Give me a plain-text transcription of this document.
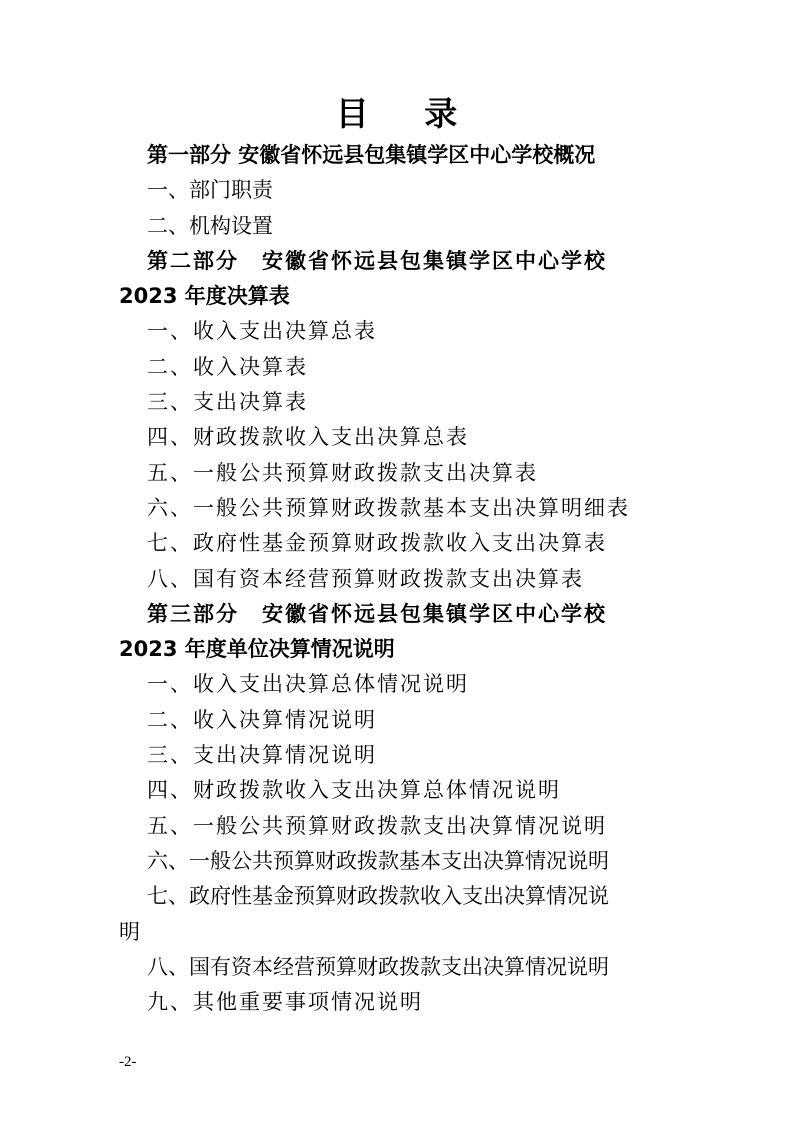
目 录
第一部分 安徽省怀远县包集镇学区中心学校概况
一、部门职责
二、机构设置
第二部分　安徽省怀远县包集镇学区中心学校
2023 年度决算表
一、收入支出决算总表
二、收入决算表
三、支出决算表
四、财政拨款收入支出决算总表
五、一般公共预算财政拨款支出决算表
六、一般公共预算财政拨款基本支出决算明细表
七、政府性基金预算财政拨款收入支出决算表
八、国有资本经营预算财政拨款支出决算表
第三部分　安徽省怀远县包集镇学区中心学校
2023 年度单位决算情况说明
一、收入支出决算总体情况说明
二、收入决算情况说明
三、支出决算情况说明
四、财政拨款收入支出决算总体情况说明
五、一般公共预算财政拨款支出决算情况说明
六、一般公共预算财政拨款基本支出决算情况说明
七、政府性基金预算财政拨款收入支出决算情况说
明
八、国有资本经营预算财政拨款支出决算情况说明
九、其他重要事项情况说明
-2-
